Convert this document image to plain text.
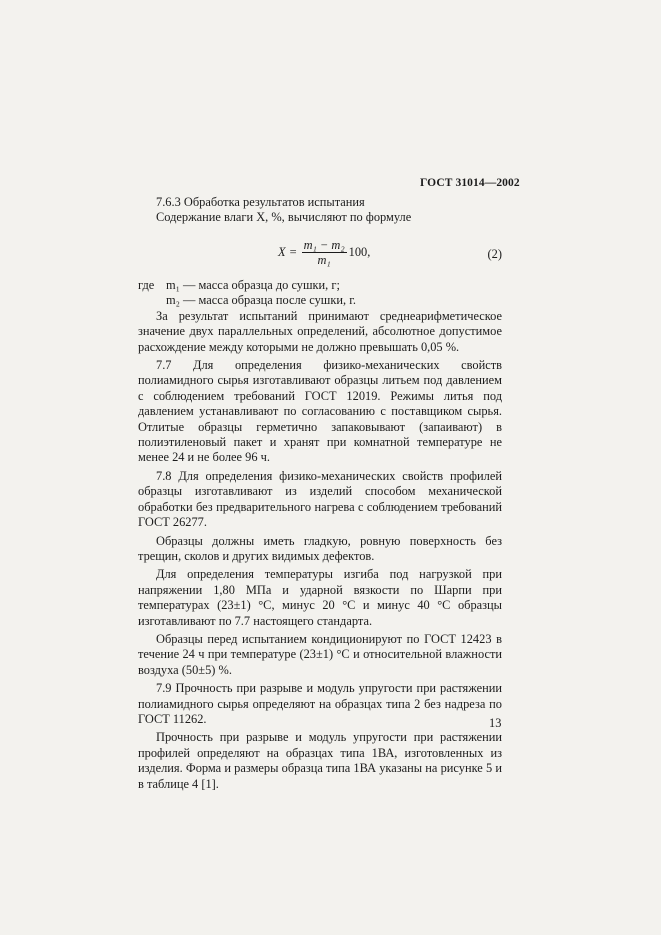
ГОСТ 31014—2002

7.6.3 Обработка результатов испытания

Содержание влаги X, %, вычисляют по формуле

$X = \frac{\text{m₁ − m₂}}{\text{m₁}} 100$,	(2)
где m₁ — масса образца до сушки, г;
m₂ — масса образца после сушки, г.

За результат испытаний принимают среднеарифметическое значение двух параллельных определений, абсолютное допустимое расхождение между которыми не должно превышать 0,05 %.

7.7 Для определения физико-механических свойств полиамидного сырья изготавливают образцы литьем под давлением с соблюдением требований ГОСТ 12019. Режимы литья под давлением устанавливают по согласованию с поставщиком сырья. Отлитые образцы герметично запаковывают (запаивают) в полиэтиленовый пакет и хранят при комнатной температуре не менее 24 и не более 96 ч.

7.8 Для определения физико-механических свойств профилей образцы изготавливают из изделий способом механической обработки без предварительного нагрева с соблюдением требований ГОСТ 26277.

Образцы должны иметь гладкую, ровную поверхность без трещин, сколов и других видимых дефектов.

Для определения температуры изгиба под нагрузкой при напряжении 1,80 МПа и ударной вязкости по Шарпи при температурах (23±1) °С, минус 20 °С и минус 40 °С образцы изготавливают по 7.7 настоящего стандарта.

Образцы перед испытанием кондиционируют по ГОСТ 12423 в течение 24 ч при температуре (23±1) °С и относительной влажности воздуха (50±5) %.

7.9 Прочность при разрыве и модуль упругости при растяжении полиамидного сырья определяют на образцах типа 2 без надреза по ГОСТ 11262.

Прочность при разрыве и модуль упругости при растяжении профилей определяют на образцах типа 1ВА, изготовленных из изделия. Форма и размеры образца типа 1ВА указаны на рисунке 5 и в таблице 4 [1].

13
